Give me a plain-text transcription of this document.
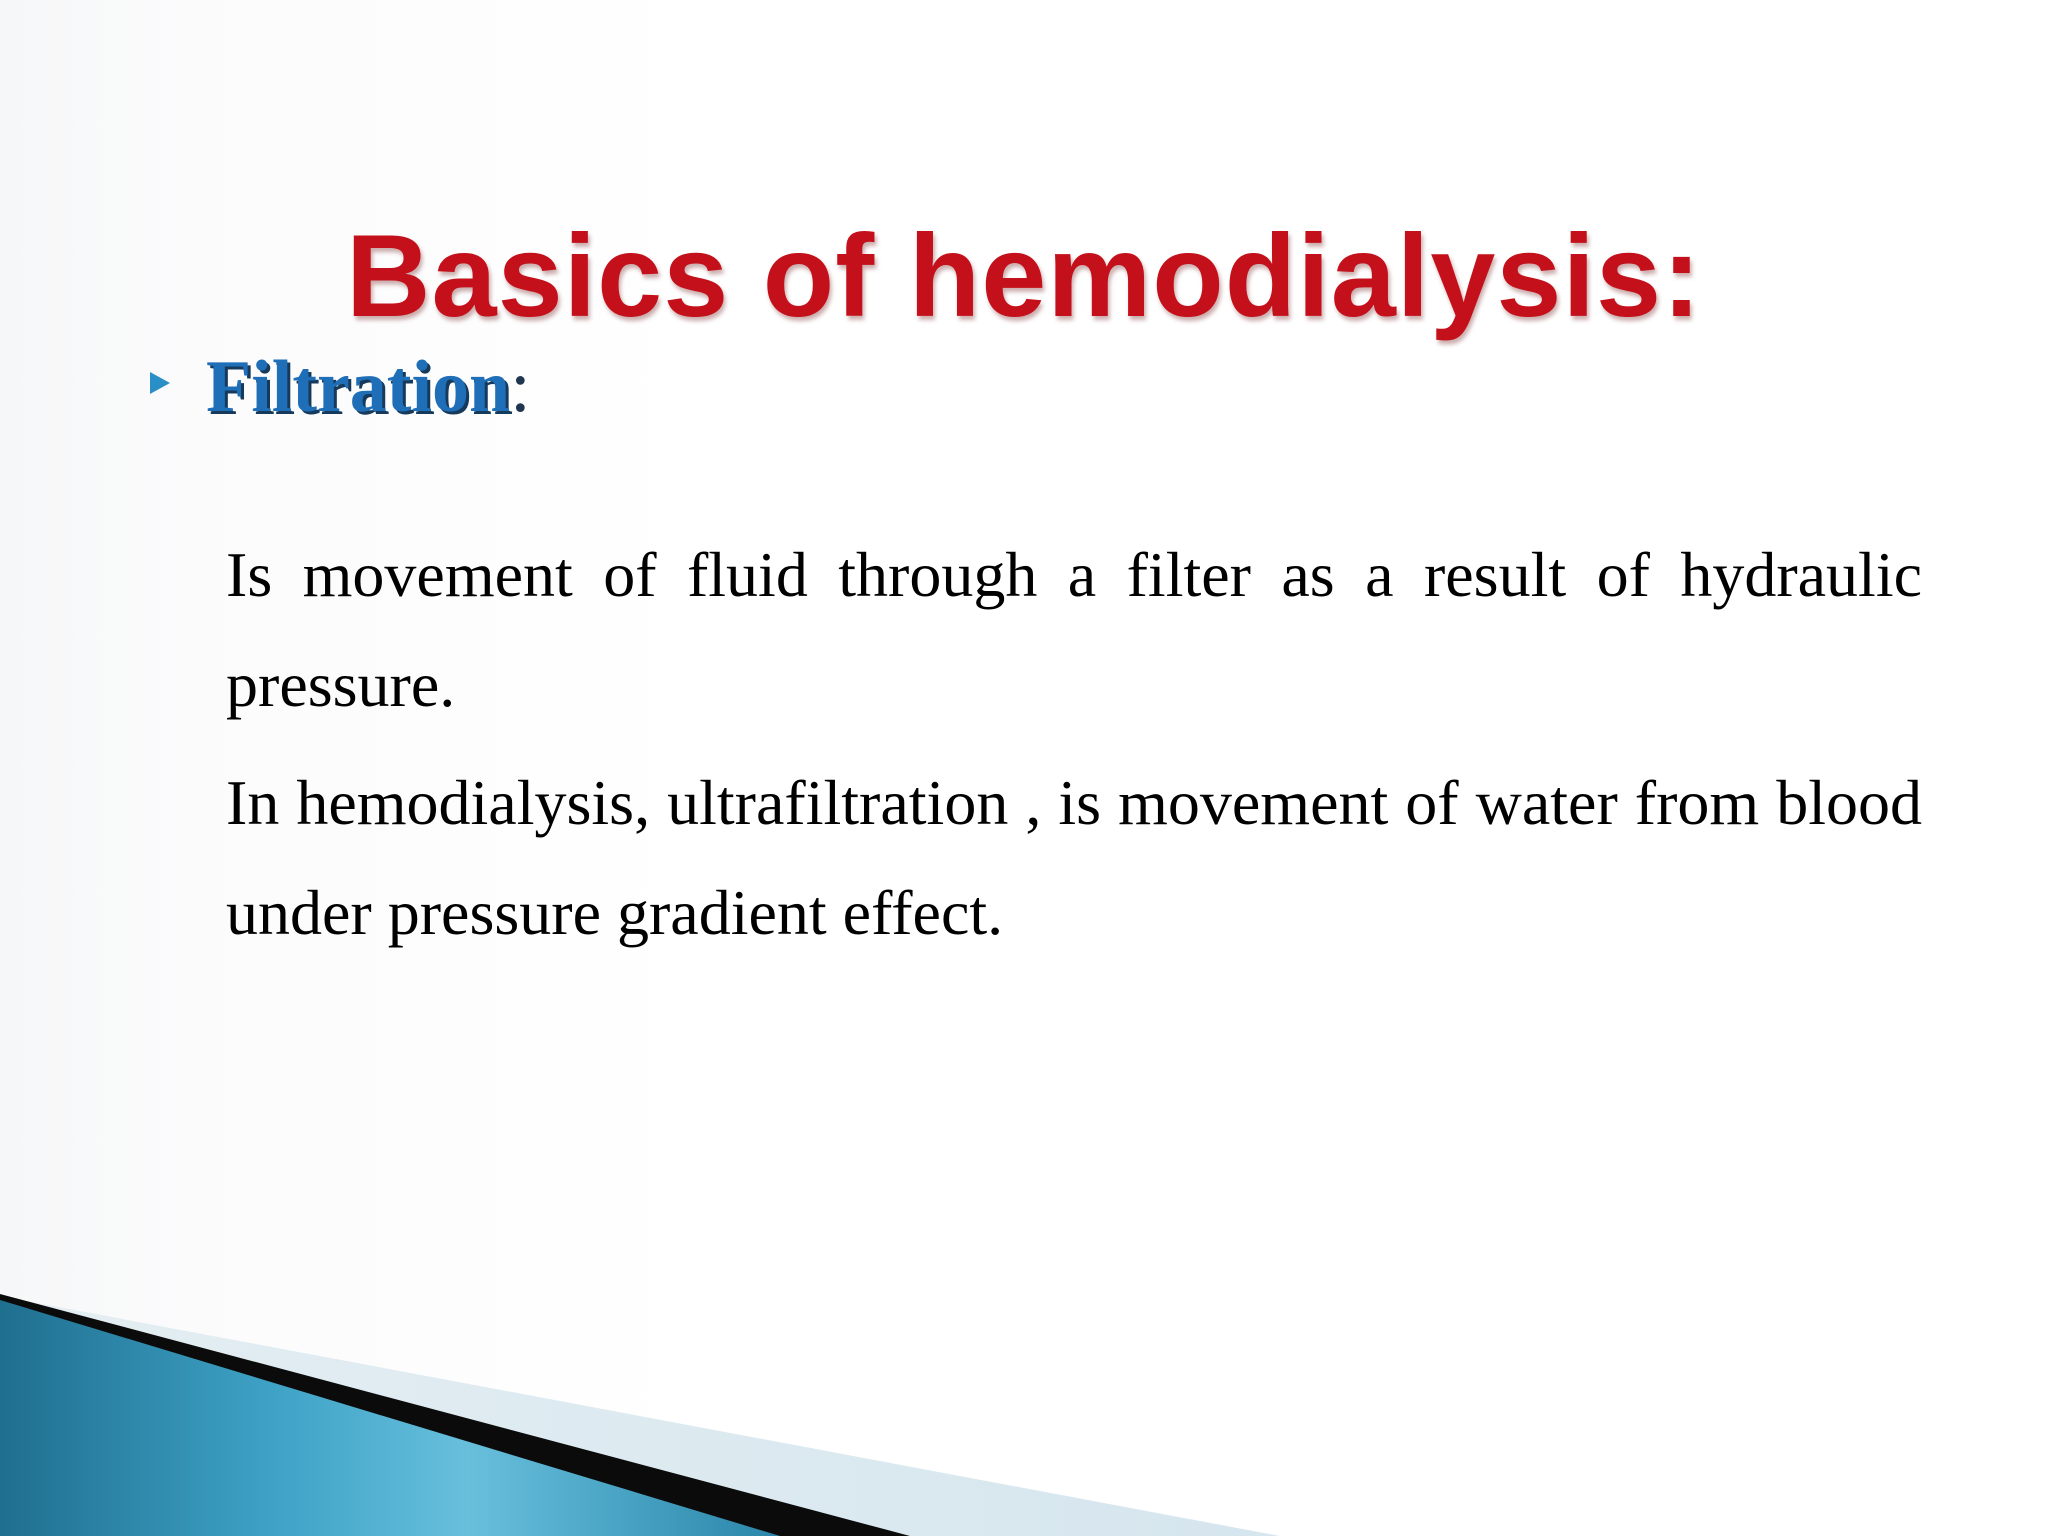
Basics of hemodialysis:
Filtration :

Is movement of fluid through a filter as a result of hydraulic pressure.

In hemodialysis, ultrafiltration , is movement of water from blood under pressure gradient effect.
